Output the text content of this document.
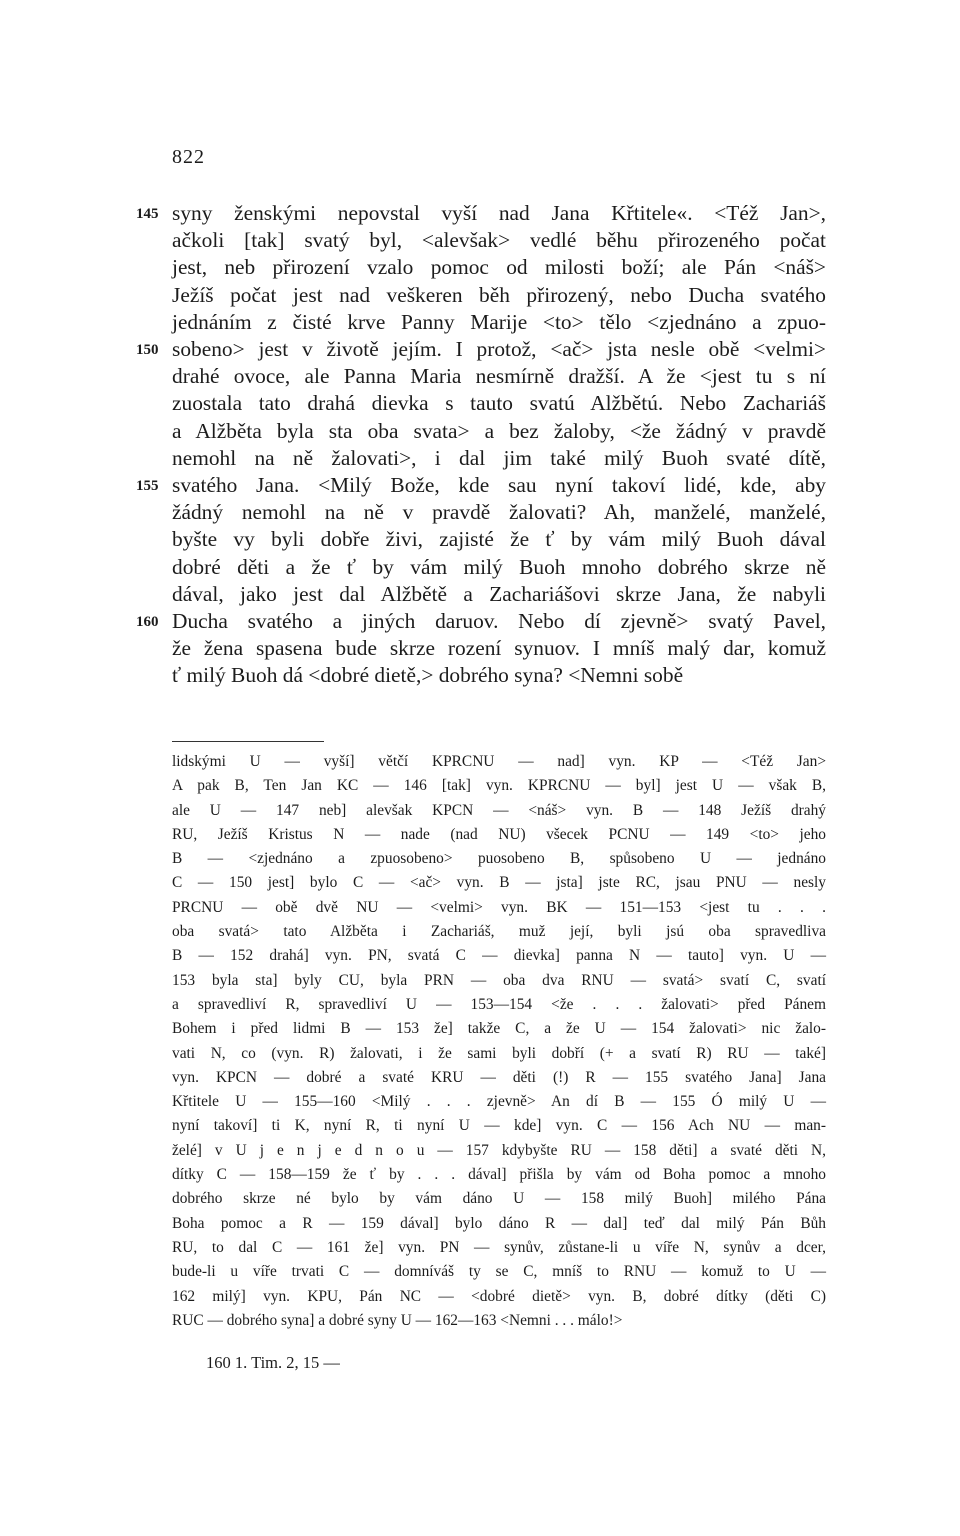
822
145 syny ženskými nepovstal vyší nad Jana Křtitele«. <Též Jan>,
ačkoli [tak] svatý byl, <alevšak> vedlé běhu přirozeného počat
jest, neb přirození vzalo pomoc od milosti boží; ale Pán <náš>
Ježíš počat jest nad veškeren běh přirozený, nebo Ducha svatého
jednáním z čisté krve Panny Marije <to> tělo <zjednáno a zpuo-
150 sobeno> jest v životě jejím. I protož, <ač> jsta nesle obě <velmi>
drahé ovoce, ale Panna Maria nesmírně dražší. A že <jest tu s ní
zuostala tato drahá dievka s tauto svatú Alžbětú. Nebo Zachariáš
a Alžběta byla sta oba svata> a bez žaloby, <že žádný v pravdě
nemohl na ně žalovati>, i dal jim také milý Buoh svaté dítě,
155 svatého Jana. <Milý Bože, kde sau nyní takoví lidé, kde, aby
žádný nemohl na ně v pravdě žalovati? Ah, manželé, manželé,
byšte vy byli dobře živi, zajisté že ť by vám milý Buoh dával
dobré děti a že ť by vám milý Buoh mnoho dobrého skrze ně
dával, jako jest dal Alžbětě a Zachariášovi skrze Jana, že nabyli
160 Ducha svatého a jiných daruov. Nebo dí zjevně> svatý Pavel,
že žena spasena bude skrze rození synuov. I mníš malý dar, komuž
ť milý Buoh dá <dobré dietě,> dobrého syna? <Nemni sobě
lidskými U — vyší] větčí KPRCNU — nad] vyn. KP — <Též Jan>
A pak B, Ten Jan KC — 146 [tak] vyn. KPRCNU — byl] jest U — však B,
ale U — 147 neb] alevšak KPCN — <náš> vyn. B — 148 Ježíš drahý
RU, Ježíš Kristus N — nade (nad NU) všecek PCNU — 149 <to> jeho
B — <zjednáno a zpuosobeno> puosobeno B, spůsobeno U — jednáno
C — 150 jest] bylo C — <ač> vyn. B — jsta] jste RC, jsau PNU — nesly
PRCNU — obě dvě NU — <velmi> vyn. BK — 151—153 <jest tu . . .
oba svatá> tato Alžběta i Zachariáš, muž její, byli jsú oba spravedliva
B — 152 drahá] vyn. PN, svatá C — dievka] panna N — tauto] vyn. U —
153 byla sta] byly CU, byla PRN — oba dva RNU — svatá> svatí C, svatí
a spravedliví R, spravedliví U — 153—154 <že . . . žalovati> před Pánem
Bohem i před lidmi B — 153 že] takže C, a že U — 154 žalovati> nic žalo-
vati N, co (vyn. R) žalovati, i že sami byli dobří (+ a svatí R) RU — také]
vyn. KPCN — dobré a svaté KRU — děti (!) R — 155 svatého Jana] Jana
Křtitele U — 155—160 <Milý . . . zjevně> An dí B — 155 Ó milý U —
nyní takoví] ti K, nyní R, ti nyní U — kde] vyn. C — 156 Ach NU — man-
želé] v U j e n j e d n o u — 157 kdybyšte RU — 158 děti] a svaté děti N,
dítky C — 158—159 že ť by . . . dával] přišla by vám od Boha pomoc a mnoho
dobrého skrze né bylo by vám dáno U — 158 milý Buoh] milého Pána
Boha pomoc a R — 159 dával] bylo dáno R — dal] teď dal milý Pán Bůh
RU, to dal C — 161 že] vyn. PN — synův, zůstane-li u víře N, synův a dcer,
bude-li u víře trvati C — domníváš ty se C, mníš to RNU — komuž to U —
162 milý] vyn. KPU, Pán NC — <dobré dietě> vyn. B, dobré dítky (děti C)
RUC — dobrého syna] a dobré syny U — 162—163 <Nemni . . . málo!>
160 1. Tim. 2, 15 —
